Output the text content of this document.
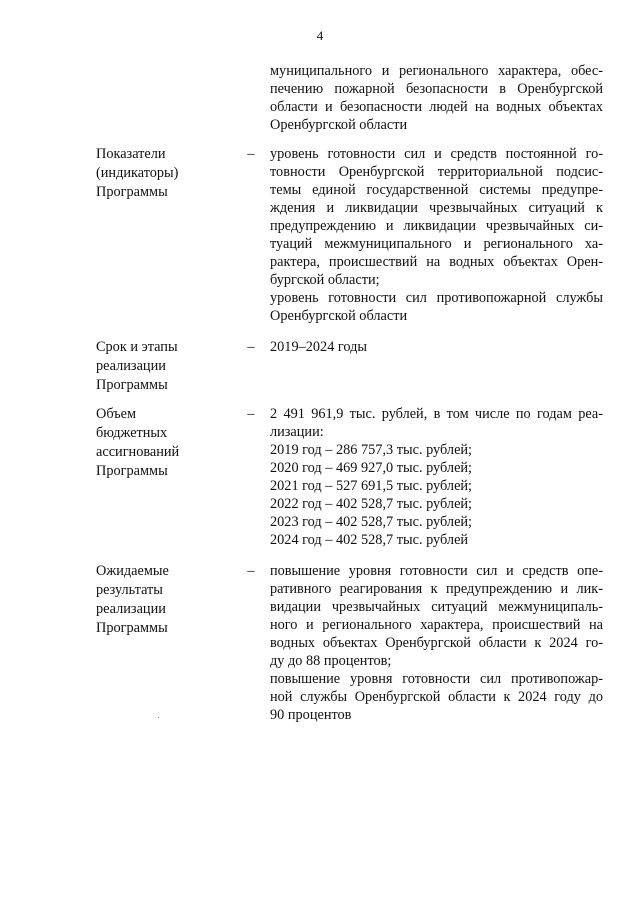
4
муниципального и регионального характера, обес-
печению пожарной безопасности в Оренбургской
области и безопасности людей на водных объектах
Оренбургской области
Показатели
(индикаторы)
Программы
– уровень готовности сил и средств постоянной го-
товности Оренбургской территориальной подсис-
темы единой государственной системы предупре-
ждения и ликвидации чрезвычайных ситуаций к
предупреждению и ликвидации чрезвычайных си-
туаций межмуниципального и регионального ха-
рактера, происшествий на водных объектах Орен-
бургской области;
уровень готовности сил противопожарной службы
Оренбургской области
Срок и этапы
реализации
Программы
– 2019–2024 годы
Объем
бюджетных
ассигнований
Программы
– 2 491 961,9 тыс. рублей, в том числе по годам реа-
лизации:
2019 год – 286 757,3 тыс. рублей;
2020 год – 469 927,0 тыс. рублей;
2021 год – 527 691,5 тыс. рублей;
2022 год – 402 528,7 тыс. рублей;
2023 год – 402 528,7 тыс. рублей;
2024 год – 402 528,7 тыс. рублей
Ожидаемые
результаты
реализации
Программы
– повышение уровня готовности сил и средств опе-
ративного реагирования к предупреждению и лик-
видации чрезвычайных ситуаций межмуниципаль-
ного и регионального характера, происшествий на
водных объектах Оренбургской области к 2024 го-
ду до 88 процентов;
повышение уровня готовности сил противопожар-
ной службы Оренбургской области к 2024 году до
90 процентов
